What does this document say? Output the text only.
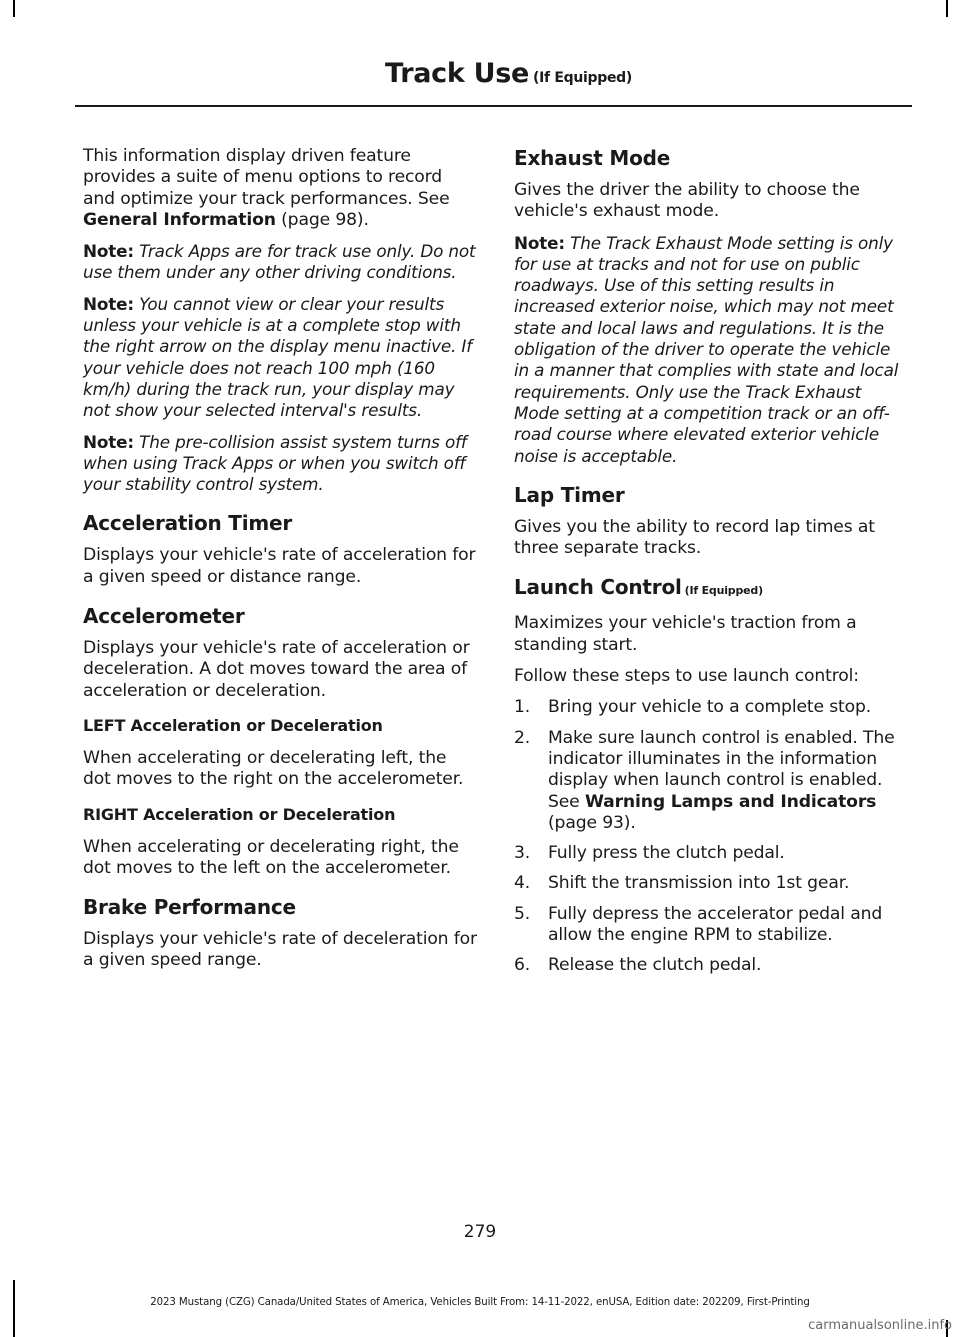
Track Use (If Equipped)

This information display driven feature provides a suite of menu options to record and optimize your track performances. See General Information (page 98).

Note: Track Apps are for track use only. Do not use them under any other driving conditions.

Note: You cannot view or clear your results unless your vehicle is at a complete stop with the right arrow on the display menu inactive. If your vehicle does not reach 100 mph (160 km/h) during the track run, your display may not show your selected interval's results.

Note: The pre-collision assist system turns off when using Track Apps or when you switch off your stability control system.

Acceleration Timer

Displays your vehicle's rate of acceleration for a given speed or distance range.

Accelerometer

Displays your vehicle's rate of acceleration or deceleration. A dot moves toward the area of acceleration or deceleration.

LEFT Acceleration or Deceleration

When accelerating or decelerating left, the dot moves to the right on the accelerometer.

RIGHT Acceleration or Deceleration

When accelerating or decelerating right, the dot moves to the left on the accelerometer.

Brake Performance

Displays your vehicle's rate of deceleration for a given speed range.

Exhaust Mode

Gives the driver the ability to choose the vehicle's exhaust mode.

Note: The Track Exhaust Mode setting is only for use at tracks and not for use on public roadways. Use of this setting results in increased exterior noise, which may not meet state and local laws and regulations. It is the obligation of the driver to operate the vehicle in a manner that complies with state and local requirements. Only use the Track Exhaust Mode setting at a competition track or an off-road course where elevated exterior vehicle noise is acceptable.

Lap Timer

Gives you the ability to record lap times at three separate tracks.

Launch Control (If Equipped)

Maximizes your vehicle's traction from a standing start.

Follow these steps to use launch control:

1. Bring your vehicle to a complete stop.
2. Make sure launch control is enabled. The indicator illuminates in the information display when launch control is enabled. See Warning Lamps and Indicators (page 93).
3. Fully press the clutch pedal.
4. Shift the transmission into 1st gear.
5. Fully depress the accelerator pedal and allow the engine RPM to stabilize.
6. Release the clutch pedal.
279
2023 Mustang (CZG) Canada/United States of America, Vehicles Built From: 14-11-2022, enUSA, Edition date: 202209, First-Printing
carmanualsonline.info
